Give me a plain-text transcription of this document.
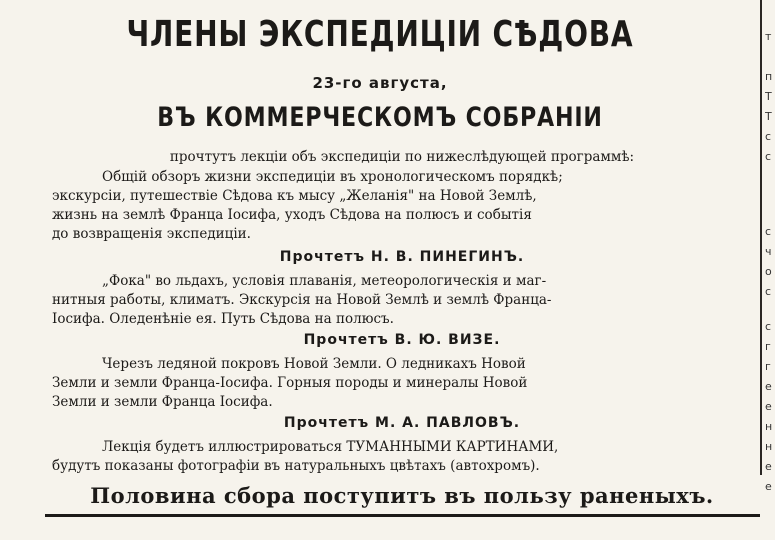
ЧЛЕНЫ ЭКСПЕДИЦІИ СѢДОВА
23-го августа,
ВЪ КОММЕРЧЕСКОМЪ СОБРАНІИ
прочтутъ лекціи объ экспедиціи по нижеслѣдующей программѣ:
Общій обзоръ жизни экспедиціи въ хронологическомъ порядкѣ;
экскурсіи, путешествіе Сѣдова къ мысу „Желанія" на Новой Землѣ,
жизнь на землѣ Франца Іосифа, уходъ Сѣдова на полюсъ и событія
до возвращенія экспедиціи.
Прочтетъ Н. В. ПИНЕГИНЪ.
„Фока" во льдахъ, условія плаванія, метеорологическія и маг-
нитныя работы, климатъ. Экскурсія на Новой Землѣ и землѣ Франца-
Іосифа. Оледенѣніе ея. Путь Сѣдова на полюсъ.
Прочтетъ В. Ю. ВИЗЕ.
Черезъ ледяной покровъ Новой Земли. О ледникахъ Новой
Земли и земли Франца-Іосифа. Горныя породы и минералы Новой
Земли и земли Франца Іосифа.
Прочтетъ М. А. ПАВЛОВЪ.
Лекція будетъ иллюстрироваться ТУМАННЫМИ КАРТИНАМИ,
будутъ показаны фотографіи въ натуральныхъ цвѣтахъ (автохромъ).
Половина сбора поступитъ въ пользу раненыхъ.
т
п
Т
Т
с
с
с
ч
о
с
с
г
г
е
е
н
н
е
е
